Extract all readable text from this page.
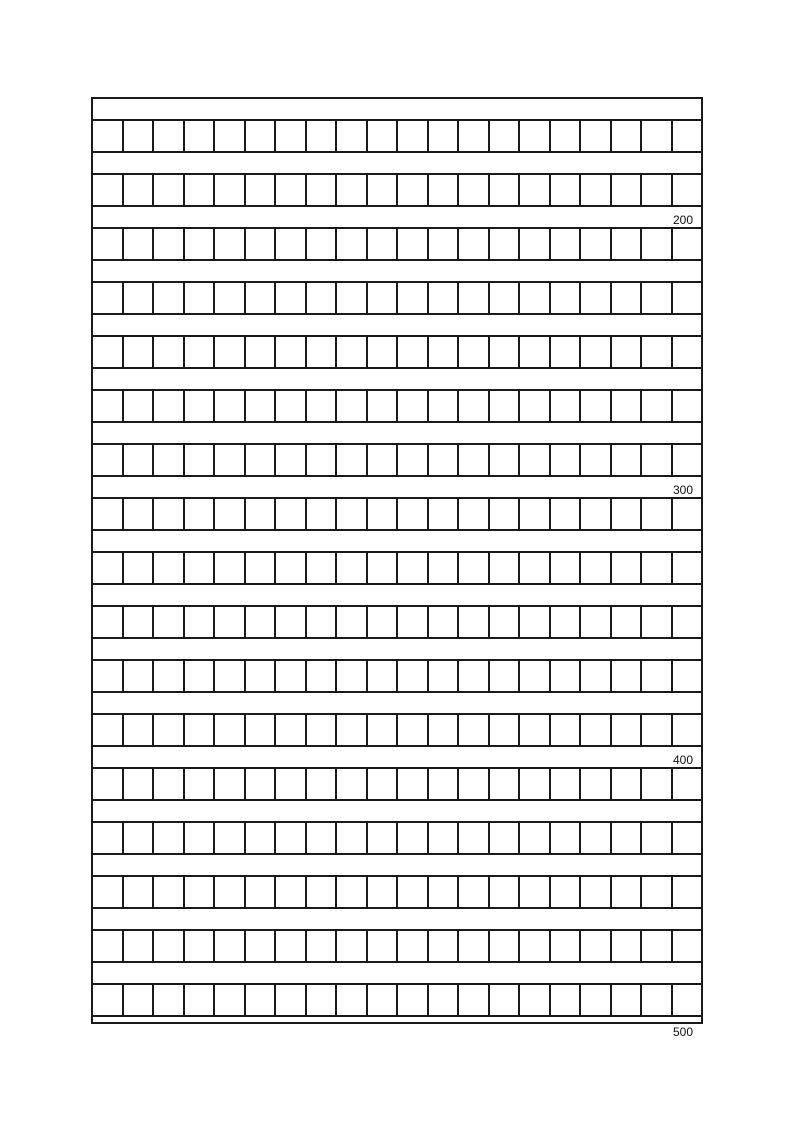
200
300
400
500
